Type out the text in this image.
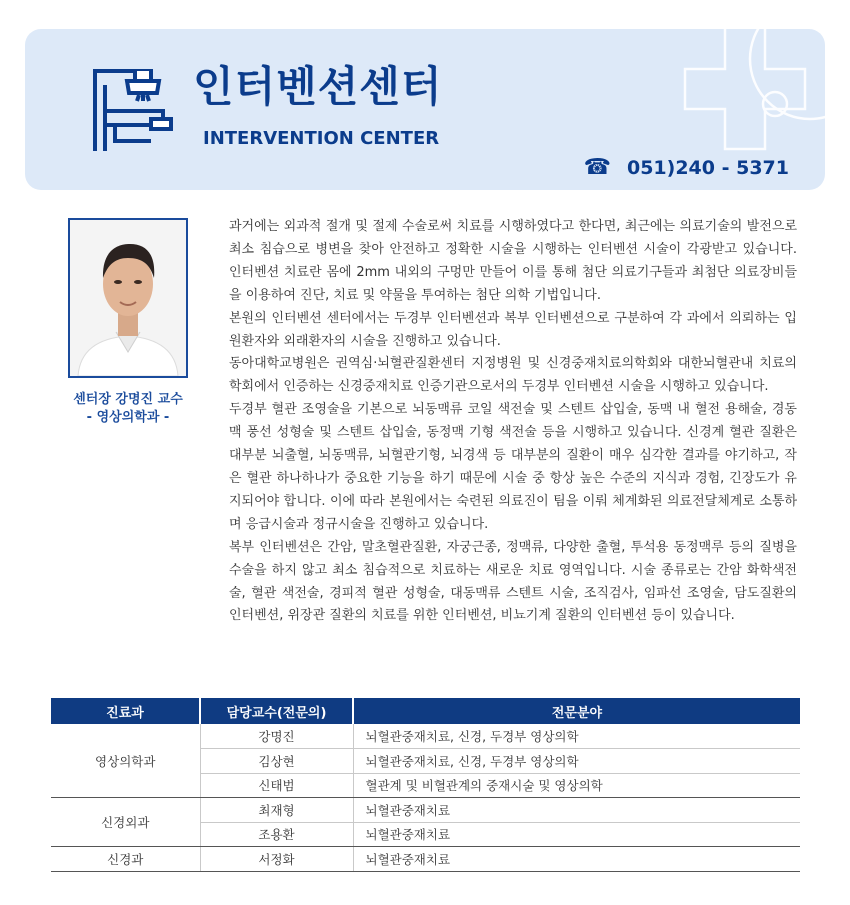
인터벤션센터
INTERVENTION CENTER
☎ 051)240 - 5371
센터장 강명진 교수
- 영상의학과 -

과거에는 외과적 절개 및 절제 수술로써 치료를 시행하였다고 한다면, 최근에는 의료기술의 발전으로 최소 침습으로 병변을 찾아 안전하고 정확한 시술을 시행하는 인터벤션 시술이 각광받고 있습니다. 인터벤션 치료란 몸에 2mm 내외의 구멍만 만들어 이를 통해 첨단 의료기구들과 최첨단 의료장비들을 이용하여 진단, 치료 및 약물을 투여하는 첨단 의학 기법입니다.

본원의 인터벤션 센터에서는 두경부 인터벤션과 복부 인터벤션으로 구분하여 각 과에서 의뢰하는 입원환자와 외래환자의 시술을 진행하고 있습니다.

동아대학교병원은 권역심·뇌혈관질환센터 지정병원 및 신경중재치료의학회와 대한뇌혈관내 치료의학회에서 인증하는 신경중재치료 인증기관으로서의 두경부 인터벤션 시술을 시행하고 있습니다.

두경부 혈관 조영술을 기본으로 뇌동맥류 코일 색전술 및 스텐트 삽입술, 동맥 내 혈전 용해술, 경동맥 풍선 성형술 및 스텐트 삽입술, 동정맥 기형 색전술 등을 시행하고 있습니다. 신경계 혈관 질환은 대부분 뇌출혈, 뇌동맥류, 뇌혈관기형, 뇌경색 등 대부분의 질환이 매우 심각한 결과를 야기하고, 작은 혈관 하나하나가 중요한 기능을 하기 때문에 시술 중 항상 높은 수준의 지식과 경험, 긴장도가 유지되어야 합니다. 이에 따라 본원에서는 숙련된 의료진이 팀을 이뤄 체계화된 의료전달체계로 소통하며 응급시술과 정규시술을 진행하고 있습니다.

복부 인터벤션은 간암, 말초혈관질환, 자궁근종, 정맥류, 다양한 출혈, 투석용 동정맥루 등의 질병을 수술을 하지 않고 최소 침습적으로 치료하는 새로운 치료 영역입니다. 시술 종류로는 간암 화학색전술, 혈관 색전술, 경피적 혈관 성형술, 대동맥류 스텐트 시술, 조직검사, 임파선 조영술, 담도질환의 인터벤션, 위장관 질환의 치료를 위한 인터벤션, 비뇨기계 질환의 인터벤션 등이 있습니다.

진료과	담당교수(전문의)	전문분야
영상의학과	강명진	뇌혈관중재치료, 신경, 두경부 영상의학
	김상현	뇌혈관중재치료, 신경, 두경부 영상의학
	신태범	혈관계 및 비혈관계의 중재시술 및 영상의학
신경외과	최재형	뇌혈관중재치료
	조용환	뇌혈관중재치료
신경과	서정화	뇌혈관중재치료
